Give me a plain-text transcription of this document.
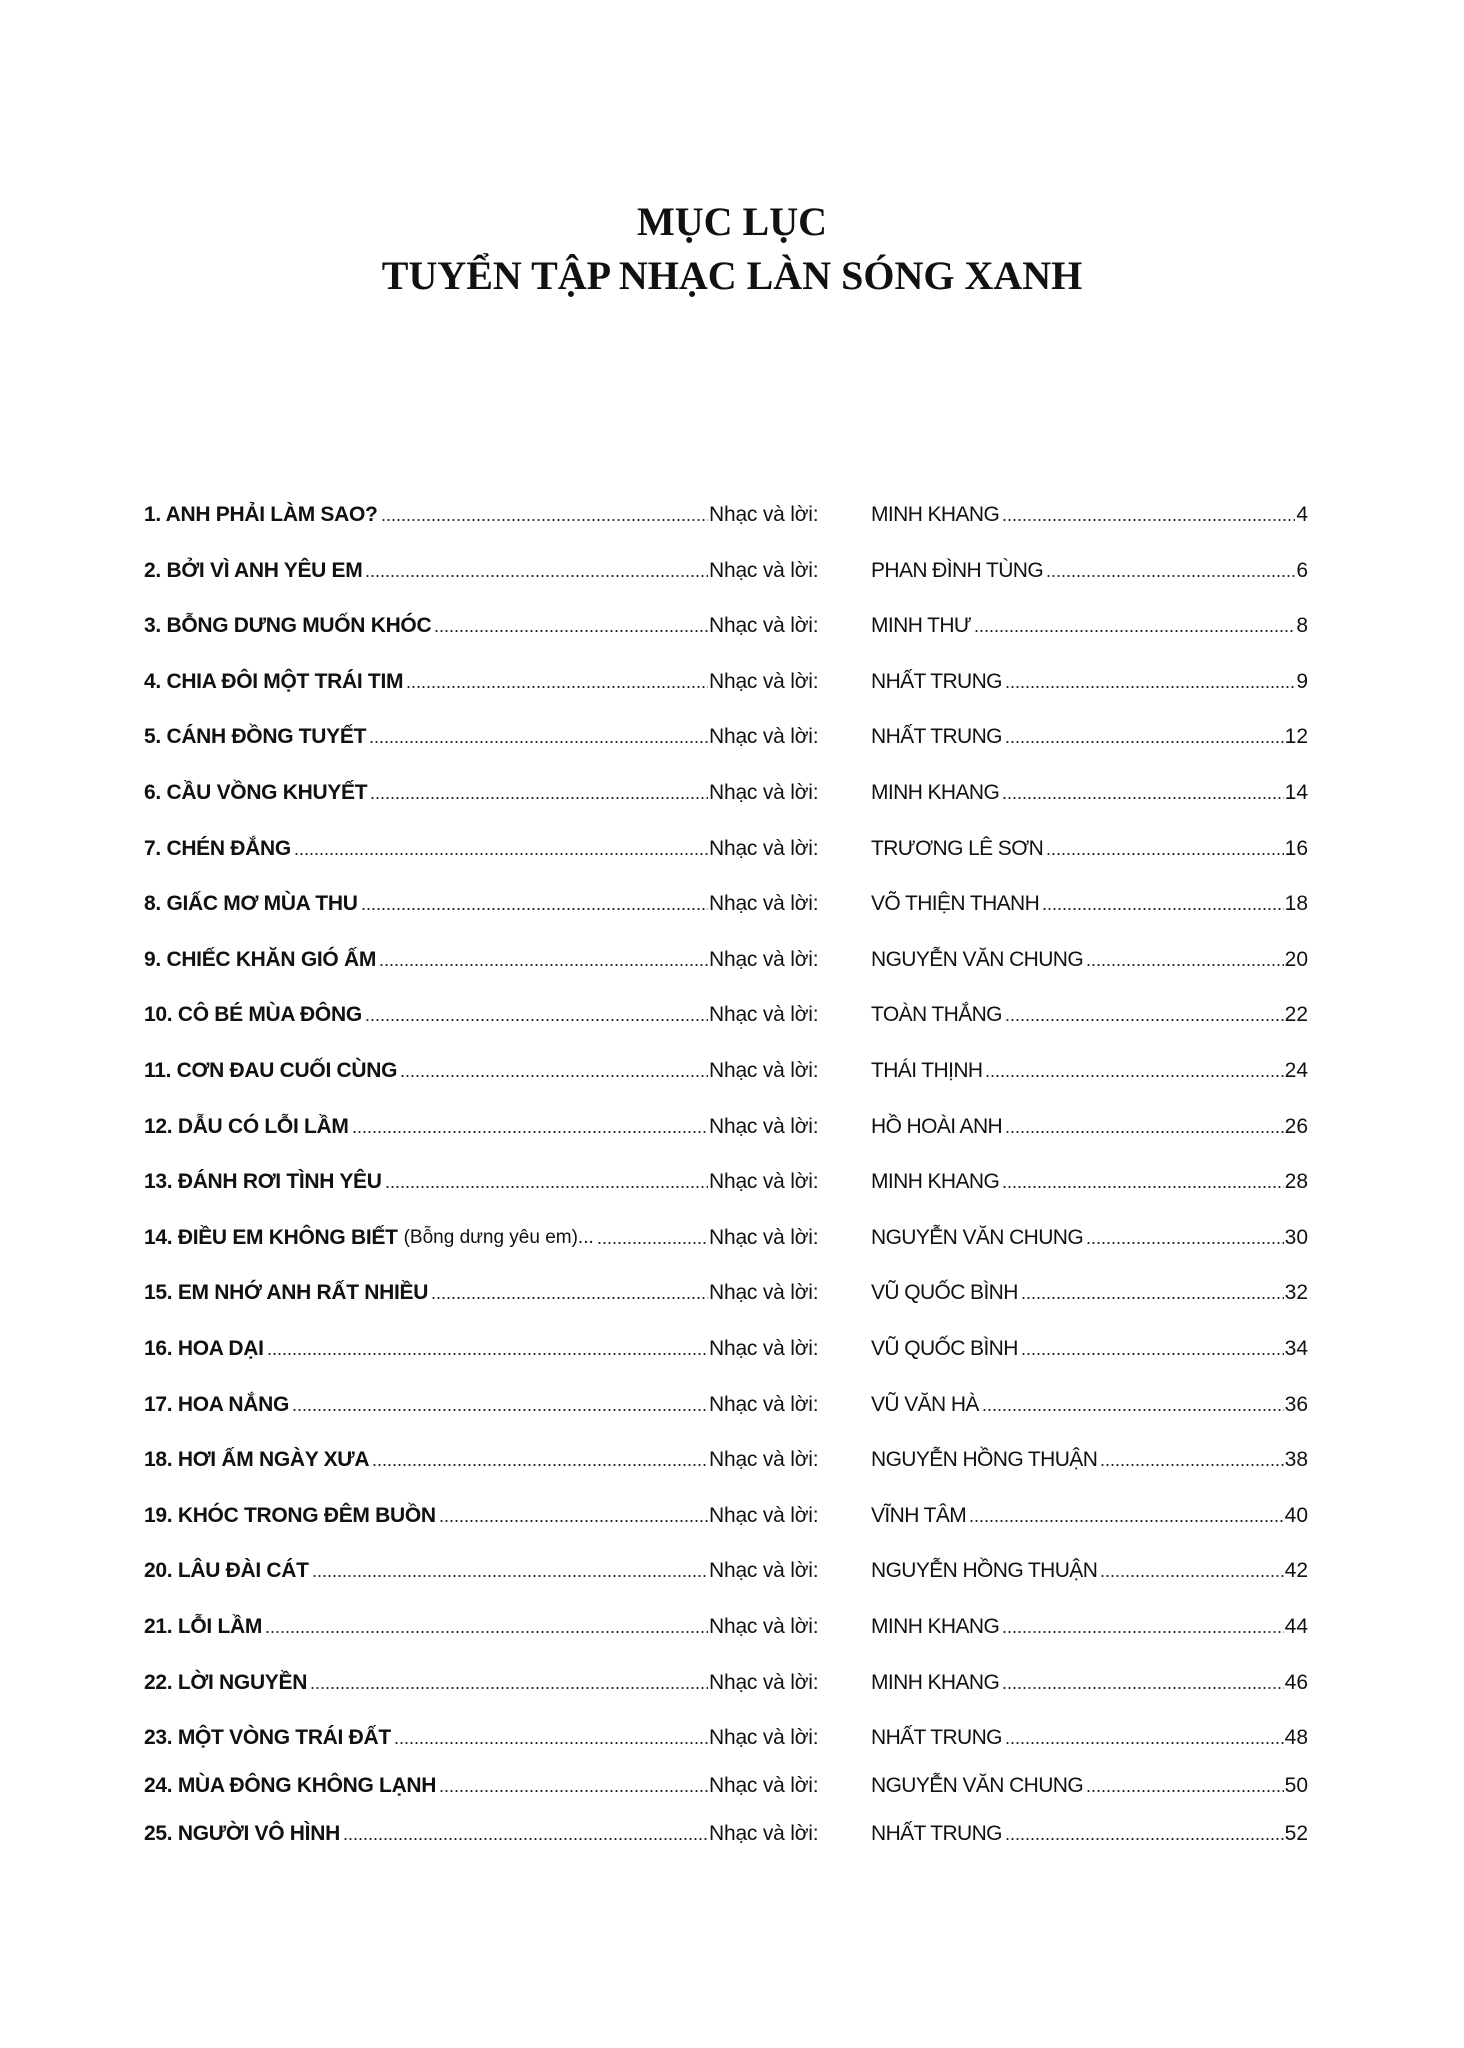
MỤC LỤC
TUYỂN TẬP NHẠC LÀN SÓNG XANH
1. ANH PHẢI LÀM SAO?	Nhạc và lời:	MINH KHANG	4
2. BỞI VÌ ANH YÊU EM	Nhạc và lời:	PHAN ĐÌNH TÙNG	6
3. BỖNG DƯNG MUỐN KHÓC	Nhạc và lời:	MINH THƯ	8
4. CHIA ĐÔI MỘT TRÁI TIM	Nhạc và lời:	NHẤT TRUNG	9
5. CÁNH ĐỒNG TUYẾT	Nhạc và lời:	NHẤT TRUNG	12
6. CẦU VỒNG KHUYẾT	Nhạc và lời:	MINH KHANG	14
7. CHÉN ĐẮNG	Nhạc và lời:	TRƯƠNG LÊ SƠN	16
8. GIẤC MƠ MÙA THU	Nhạc và lời:	VÕ THIỆN THANH	18
9. CHIẾC KHĂN GIÓ ẤM	Nhạc và lời:	NGUYỄN VĂN CHUNG	20
10. CÔ BÉ MÙA ĐÔNG	Nhạc và lời:	TOÀN THẮNG	22
11. CƠN ĐAU CUỐI CÙNG	Nhạc và lời:	THÁI THỊNH	24
12. DẪU CÓ LỖI LẦM	Nhạc và lời:	HỒ HOÀI ANH	26
13. ĐÁNH RƠI TÌNH YÊU	Nhạc và lời:	MINH KHANG	28
14. ĐIỀU EM KHÔNG BIẾT (Bỗng dưng yêu em)...	Nhạc và lời:	NGUYỄN VĂN CHUNG	30
15. EM NHỚ ANH RẤT NHIỀU	Nhạc và lời:	VŨ QUỐC BÌNH	32
16. HOA DẠI	Nhạc và lời:	VŨ QUỐC BÌNH	34
17. HOA NẮNG	Nhạc và lời:	VŨ VĂN HÀ	36
18. HƠI ẤM NGÀY XƯA	Nhạc và lời:	NGUYỄN HỒNG THUẬN	38
19. KHÓC TRONG ĐÊM BUỒN	Nhạc và lời:	VĨNH TÂM	40
20. LÂU ĐÀI CÁT	Nhạc và lời:	NGUYỄN HỒNG THUẬN	42
21. LỖI LẦM	Nhạc và lời:	MINH KHANG	44
22. LỜI NGUYỀN	Nhạc và lời:	MINH KHANG	46
23. MỘT VÒNG TRÁI ĐẤT	Nhạc và lời:	NHẤT TRUNG	48
24. MÙA ĐÔNG KHÔNG LẠNH	Nhạc và lời:	NGUYỄN VĂN CHUNG	50
25. NGƯỜI VÔ HÌNH	Nhạc và lời:	NHẤT TRUNG	52
